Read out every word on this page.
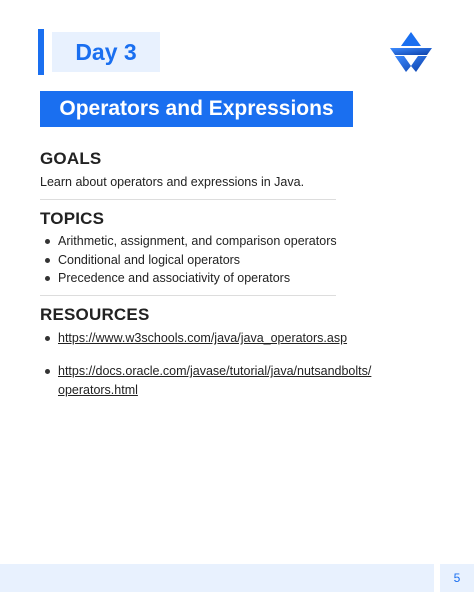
Day 3
Operators and Expressions
GOALS
Learn about operators and expressions in Java.
TOPICS
Arithmetic, assignment, and comparison operators
Conditional and logical operators
Precedence and associativity of operators
RESOURCES
https://www.w3schools.com/java/java_operators.asp
https://docs.oracle.com/javase/tutorial/java/nutsandbolts/
operators.html
5
